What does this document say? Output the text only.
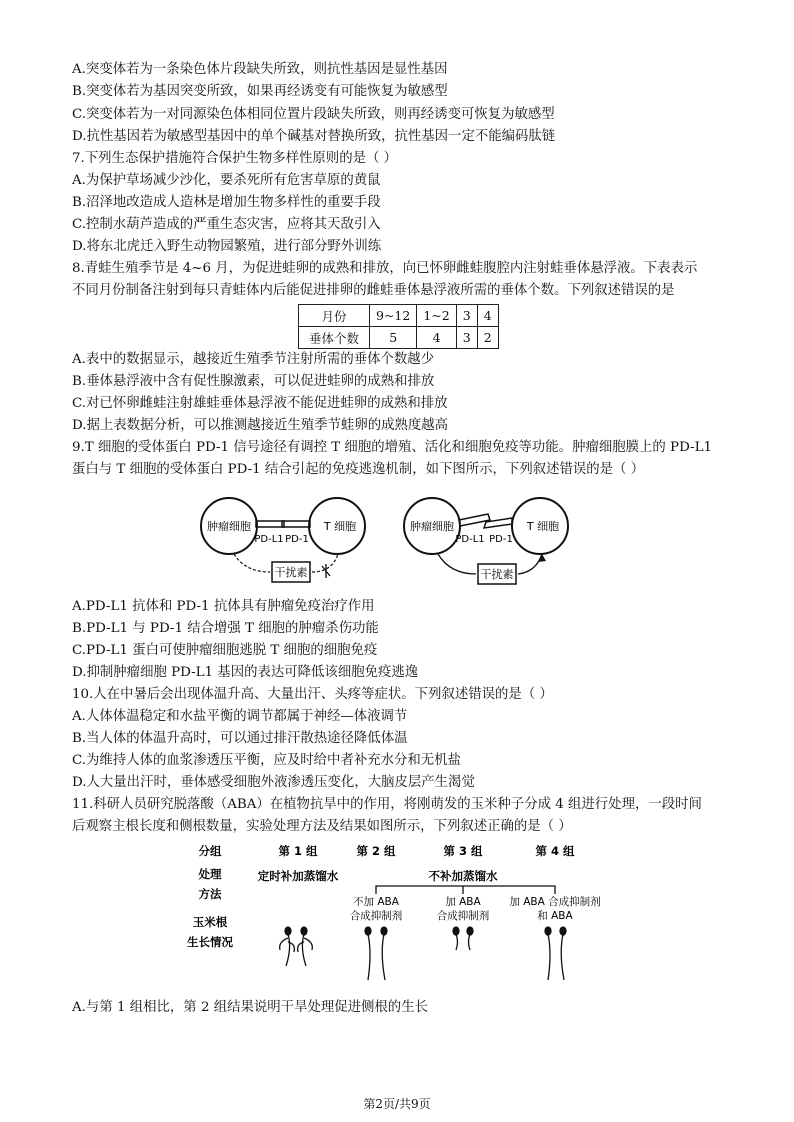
A.突变体若为一条染色体片段缺失所致，则抗性基因是显性基因
B.突变体若为基因突变所致，如果再经诱变有可能恢复为敏感型
C.突变体若为一对同源染色体相同位置片段缺失所致，则再经诱变可恢复为敏感型
D.抗性基因若为敏感型基因中的单个碱基对替换所致，抗性基因一定不能编码肽链
7.下列生态保护措施符合保护生物多样性原则的是（ ）
A.为保护草场减少沙化，要杀死所有危害草原的黄鼠
B.沼泽地改造成人造林是增加生物多样性的重要手段
C.控制水葫芦造成的严重生态灾害，应将其天敌引入
D.将东北虎迁入野生动物园繁殖，进行部分野外训练
8.青蛙生殖季节是 4~6 月，为促进蛙卵的成熟和排放，向已怀卵雌蛙腹腔内注射蛙垂体悬浮液。下表表示
不同月份制备注射到每只青蛙体内后能促进排卵的雌蛙垂体悬浮液所需的垂体个数。下列叙述错误的是
月份	9~12	1~2	3	4
垂体个数	5	4	3	2
A.表中的数据显示，越接近生殖季节注射所需的垂体个数越少
B.垂体悬浮液中含有促性腺激素，可以促进蛙卵的成熟和排放
C.对已怀卵雌蛙注射雄蛙垂体悬浮液不能促进蛙卵的成熟和排放
D.据上表数据分析，可以推测越接近生殖季节蛙卵的成熟度越高
9.T 细胞的受体蛋白 PD-1 信号途径有调控 T 细胞的增殖、活化和细胞免疫等功能。肿瘤细胞膜上的 PD-L1
蛋白与 T 细胞的受体蛋白 PD-1 结合引起的免疫逃逸机制，如下图所示，下列叙述错误的是（ ）
肿瘤细胞	T 细胞
PD-L1 PD-1
干扰素
肿瘤细胞	T 细胞
PD-L1 PD-1
干扰素
A.PD-L1 抗体和 PD-1 抗体具有肿瘤免疫治疗作用
B.PD-L1 与 PD-1 结合增强 T 细胞的肿瘤杀伤功能
C.PD-L1 蛋白可使肿瘤细胞逃脱 T 细胞的细胞免疫
D.抑制肿瘤细胞 PD-L1 基因的表达可降低该细胞免疫逃逸
10.人在中暑后会出现体温升高、大量出汗、头疼等症状。下列叙述错误的是（ ）
A.人体体温稳定和水盐平衡的调节都属于神经—体液调节
B.当人体的体温升高时，可以通过排汗散热途径降低体温
C.为维持人体的血浆渗透压平衡，应及时给中者补充水分和无机盐
D.人大量出汗时，垂体感受细胞外液渗透压变化，大脑皮层产生渴觉
11.科研人员研究脱落酸（ABA）在植物抗旱中的作用，将刚萌发的玉米种子分成 4 组进行处理，一段时间
后观察主根长度和侧根数量，实验处理方法及结果如图所示，下列叙述正确的是（ ）
分组
处理
方法
玉米根
生长情况
第 1 组	第 2 组	第 3 组	第 4 组
定时补加蒸馏水	不补加蒸馏水
不加 ABA
合成抑制剂
加 ABA
合成抑制剂
加 ABA 合成抑制剂
和 ABA
A.与第 1 组相比，第 2 组结果说明干旱处理促进侧根的生长
第2页/共9页
